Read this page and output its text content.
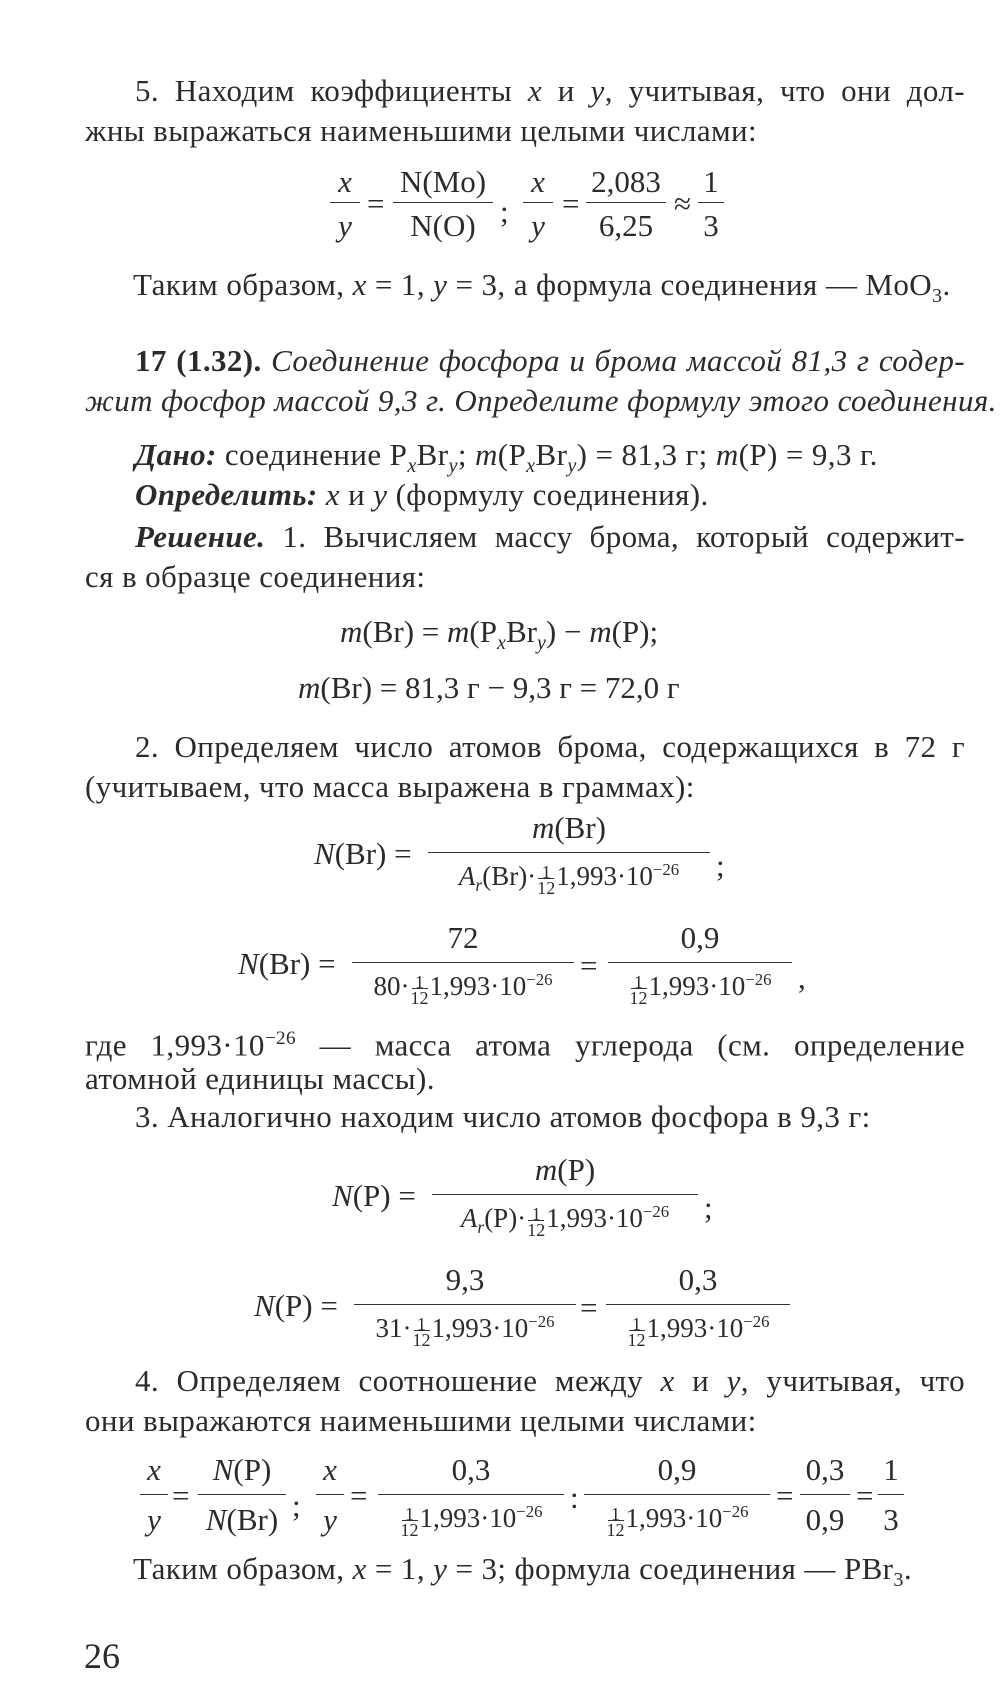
5. Находим коэффициенты x и y, учитывая, что они дол-
жны выражаться наименьшими целыми числами:
x
y
=
N(Mo)
N(O) ;
x
y
=
2,083
6,25
≈
1
3
Таким образом, x = 1, y = 3, а формула соединения — MoO$_3$.
17 (1.32). Соединение фосфора и брома массой 81,3 г содер-
жит фосфор массой 9,3 г. Определите формулу этого соединения.
Дано: соединение $P_xBr_y$; $m(P_xBr_y) = 81,3$ г; m(P) = 9,3 г.
Определить: x и y (формулу соединения).
Решение. 1. Вычисляем массу брома, который содержит-
ся в образце соединения:
$m(Br) = m(P_xBr_y) - m(P)$;
m(Br) = 81,3 г − 9,3 г = 72,0 г
2. Определяем число атомов брома, содержащихся в 72 г
(учитываем, что масса выражена в граммах):
N(Br) =
m(Br)
$A_r(Br)\cdot \frac{1}{12} 1,993\cdot 10^{-26}$	;
N(Br) =
72
$80\cdot \frac{1}{12} 1,993\cdot 10^{-26}$ =
0,9
$\frac{1}{12} 1,993\cdot 10^{-26}$ ,
где $1,993\cdot 10^{-26}$ — масса атома углерода (см. определение
атомной единицы массы).
3. Аналогично находим число атомов фосфора в 9,3 г:
N(P) =
m(P)
$A_r(P)\cdot \frac{1}{12} 1,993\cdot 10^{-26}$	;
N(P) =
9,3
$31\cdot \frac{1}{12} 1,993\cdot 10^{-26}$ =
0,3
$\frac{1}{12} 1,993\cdot 10^{-26}$
4. Определяем соотношение между x и y, учитывая, что
они выражаются наименьшими целыми числами:
x
y
=
N(P)
N(Br) ;
x
y
=
0,3
$\frac{1}{12} 1,993\cdot 10^{-26}$ :
0,9
$\frac{1}{12} 1,993\cdot 10^{-26}$ =
0,3
0,9
=
1
3
Таким образом, x = 1, y = 3; формула соединения — PBr$_3$.
26
